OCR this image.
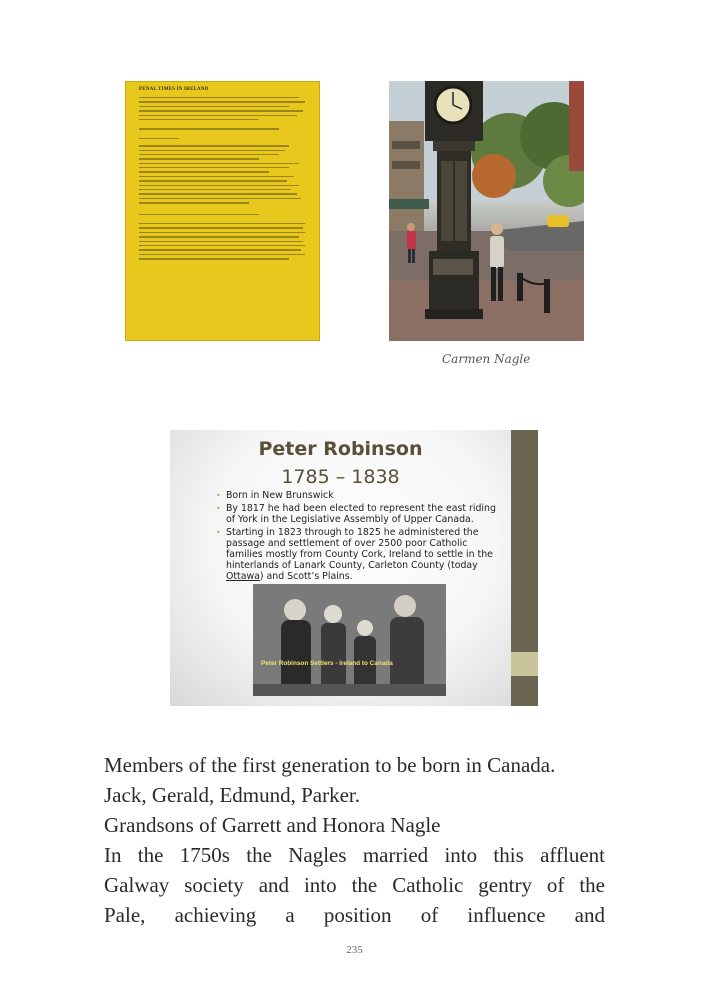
PENAL TIMES IN IRELAND
Carmen Nagle
Peter Robinson
1785 – 1838
• Born in New Brunswick
• By 1817 he had been elected to represent the east riding of York in the Legislative Assembly of Upper Canada.
• Starting in 1823 through to 1825 he administered the passage and settlement of over 2500 poor Catholic families mostly from County Cork, Ireland to settle in the hinterlands of Lanark County, Carleton County (today Ottawa) and Scott’s Plains.
Peter Robinson Settlers - Ireland to Canada
Members of the first generation to be born in Canada.
Jack, Gerald, Edmund, Parker.
Grandsons of Garrett and Honora Nagle
In the 1750s the Nagles married into this affluent
Galway society and into the Catholic gentry of the
Pale, achieving a position of influence and
235
